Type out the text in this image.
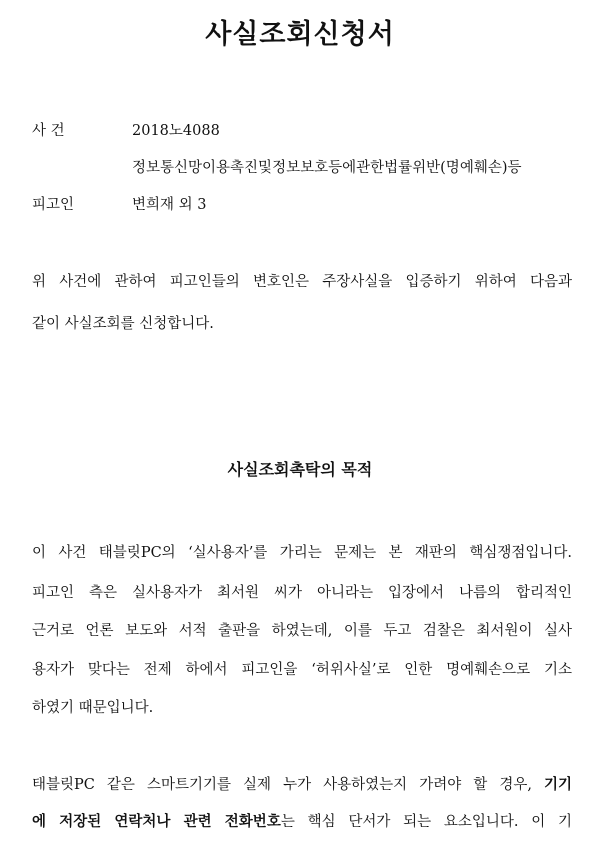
사실조회신청서
사 건	2018노4088
정보통신망이용촉진및정보보호등에관한법률위반(명예훼손)등
피고인	변희재 외 3
위 사건에 관하여 피고인들의 변호인은 주장사실을 입증하기 위하여 다음과
같이 사실조회를 신청합니다.
사실조회촉탁의 목적
이 사건 태블릿PC의 ‘실사용자’를 가리는 문제는 본 재판의 핵심쟁점입니다.
피고인 측은 실사용자가 최서원 씨가 아니라는 입장에서 나름의 합리적인
근거로 언론 보도와 서적 출판을 하였는데, 이를 두고 검찰은 최서원이 실사
용자가 맞다는 전제 하에서 피고인을 ‘허위사실’로 인한 명예훼손으로 기소
하였기 때문입니다.
태블릿PC 같은 스마트기기를 실제 누가 사용하였는지 가려야 할 경우, 기기
에 저장된 연락처나 관련 전화번호는 핵심 단서가 되는 요소입니다. 이 기
